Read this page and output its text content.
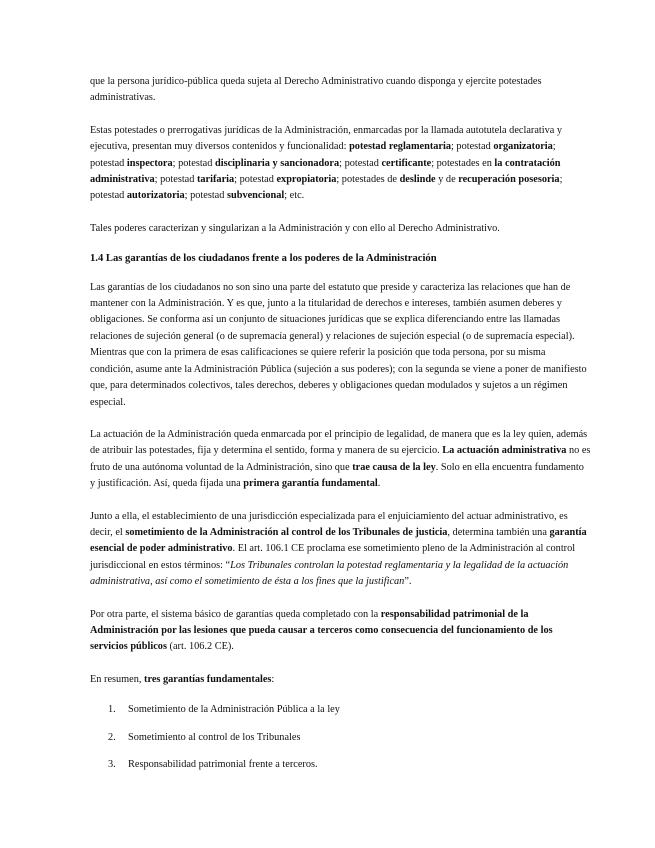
que la persona jurídico-pública queda sujeta al Derecho Administrativo cuando disponga y ejercite potestades administrativas.

Estas potestades o prerrogativas jurídicas de la Administración, enmarcadas por la llamada autotutela declarativa y ejecutiva, presentan muy diversos contenidos y funcionalidad: potestad reglamentaria; potestad organizatoria; potestad inspectora; potestad disciplinaria y sancionadora; potestad certificante; potestades en la contratación administrativa; potestad tarifaria; potestad expropiatoria; potestades de deslinde y de recuperación posesoria; potestad autorizatoria; potestad subvencional; etc.

Tales poderes caracterizan y singularizan a la Administración y con ello al Derecho Administrativo.

1.4 Las garantías de los ciudadanos frente a los poderes de la Administración

Las garantías de los ciudadanos no son sino una parte del estatuto que preside y caracteriza las relaciones que han de mantener con la Administración. Y es que, junto a la titularidad de derechos e intereses, también asumen deberes y obligaciones. Se conforma así un conjunto de situaciones jurídicas que se explica diferenciando entre las llamadas relaciones de sujeción general (o de supremacía general) y relaciones de sujeción especial (o de supremacía especial). Mientras que con la primera de esas calificaciones se quiere referir la posición que toda persona, por su misma condición, asume ante la Administración Pública (sujeción a sus poderes); con la segunda se viene a poner de manifiesto que, para determinados colectivos, tales derechos, deberes y obligaciones quedan modulados y sujetos a un régimen especial.

La actuación de la Administración queda enmarcada por el principio de legalidad, de manera que es la ley quien, además de atribuir las potestades, fija y determina el sentido, forma y manera de su ejercicio. La actuación administrativa no es fruto de una autónoma voluntad de la Administración, sino que trae causa de la ley. Solo en ella encuentra fundamento y justificación. Así, queda fijada una primera garantía fundamental.

Junto a ella, el establecimiento de una jurisdicción especializada para el enjuiciamiento del actuar administrativo, es decir, el sometimiento de la Administración al control de los Tribunales de justicia, determina también una garantía esencial de poder administrativo. El art. 106.1 CE proclama ese sometimiento pleno de la Administración al control jurisdiccional en estos términos: “Los Tribunales controlan la potestad reglamentaria y la legalidad de la actuación administrativa, así como el sometimiento de ésta a los fines que la justifican”.

Por otra parte, el sistema básico de garantías queda completado con la responsabilidad patrimonial de la Administración por las lesiones que pueda causar a terceros como consecuencia del funcionamiento de los servicios públicos (art. 106.2 CE).

En resumen, tres garantías fundamentales:

1.	Sometimiento de la Administración Pública a la ley
2.	Sometimiento al control de los Tribunales
3.	Responsabilidad patrimonial frente a terceros.
